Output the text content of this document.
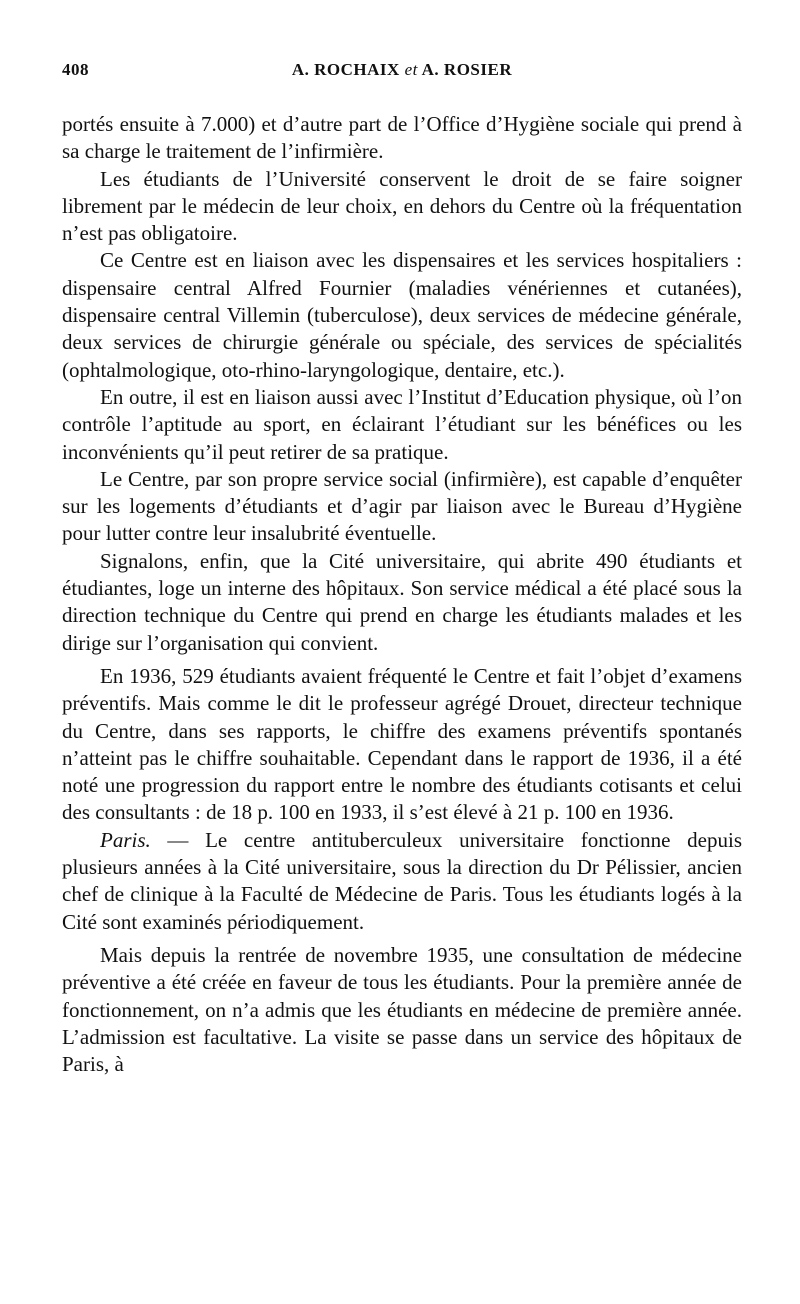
408	A. ROCHAIX et A. ROSIER

portés ensuite à 7.000) et d’autre part de l’Office d’Hygiène sociale qui prend à sa charge le traitement de l’infirmière.

Les étudiants de l’Université conservent le droit de se faire soigner librement par le médecin de leur choix, en dehors du Centre où la fréquentation n’est pas obligatoire.

Ce Centre est en liaison avec les dispensaires et les services hospitaliers : dispensaire central Alfred Fournier (maladies vénériennes et cutanées), dispensaire central Villemin (tuberculose), deux services de médecine générale, deux services de chirurgie générale ou spéciale, des services de spécialités (ophtalmologique, oto-rhino-laryngologique, dentaire, etc.).

En outre, il est en liaison aussi avec l’Institut d’Education physique, où l’on contrôle l’aptitude au sport, en éclairant l’étudiant sur les bénéfices ou les inconvénients qu’il peut retirer de sa pratique.

Le Centre, par son propre service social (infirmière), est capable d’enquêter sur les logements d’étudiants et d’agir par liaison avec le Bureau d’Hygiène pour lutter contre leur insalubrité éventuelle.

Signalons, enfin, que la Cité universitaire, qui abrite 490 étudiants et étudiantes, loge un interne des hôpitaux. Son service médical a été placé sous la direction technique du Centre qui prend en charge les étudiants malades et les dirige sur l’organisation qui convient.

En 1936, 529 étudiants avaient fréquenté le Centre et fait l’objet d’examens préventifs. Mais comme le dit le professeur agrégé Drouet, directeur technique du Centre, dans ses rapports, le chiffre des examens préventifs spontanés n’atteint pas le chiffre souhaitable. Cependant dans le rapport de 1936, il a été noté une progression du rapport entre le nombre des étudiants cotisants et celui des consultants : de 18 p. 100 en 1933, il s’est élevé à 21 p. 100 en 1936.

Paris. — Le centre antituberculeux universitaire fonctionne depuis plusieurs années à la Cité universitaire, sous la direction du Dr Pélissier, ancien chef de clinique à la Faculté de Médecine de Paris. Tous les étudiants logés à la Cité sont examinés périodiquement.

Mais depuis la rentrée de novembre 1935, une consultation de médecine préventive a été créée en faveur de tous les étudiants. Pour la première année de fonctionnement, on n’a admis que les étudiants en médecine de première année. L’admission est facultative. La visite se passe dans un service des hôpitaux de Paris, à
